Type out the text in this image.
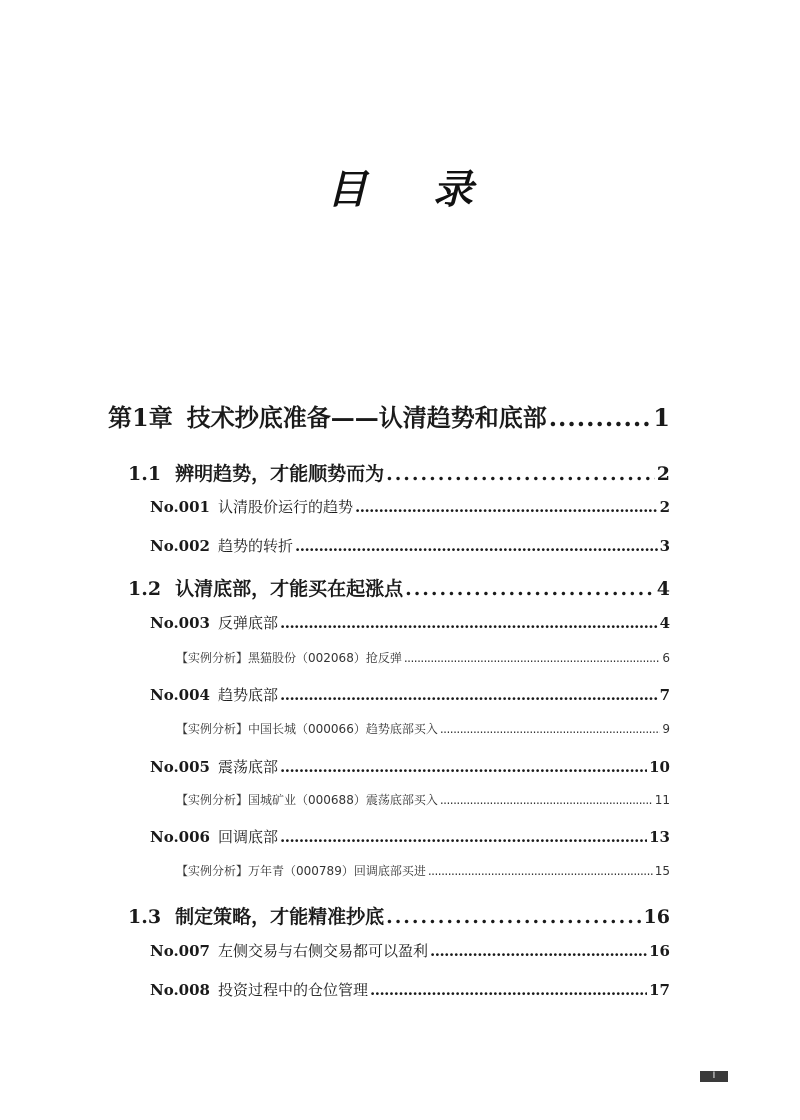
目 录
第1章 技术抄底准备——认清趋势和底部 .....	1
1.1 辨明趋势，才能顺势而为 .....	2
No.001 认清股价运行的趋势 .....	2
No.002 趋势的转折 .....	3
1.2 认清底部，才能买在起涨点 .....	4
No.003 反弹底部 .....	4
【实例分析】黑猫股份（002068）抢反弹 .....	6
No.004 趋势底部 .....	7
【实例分析】中国长城（000066）趋势底部买入 .....	9
No.005 震荡底部 .....	10
【实例分析】国城矿业（000688）震荡底部买入 .....	11
No.006 回调底部 .....	13
【实例分析】万年青（000789）回调底部买进 .....	15
1.3 制定策略，才能精准抄底 .....	16
No.007 左侧交易与右侧交易都可以盈利 .....	16
No.008 投资过程中的仓位管理 .....	17
I
